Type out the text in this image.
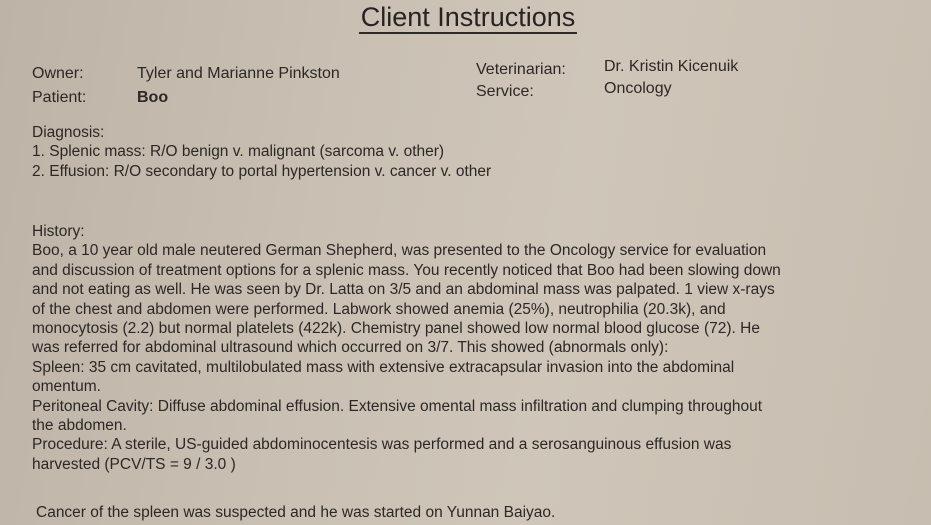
Client Instructions
Owner:	Tyler and Marianne Pinkston
Patient:	Boo
Veterinarian: Dr. Kristin Kicenuik
Service:	Oncology

Diagnosis:

1. Splenic mass: R/O benign v. malignant (sarcoma v. other)

2. Effusion: R/O secondary to portal hypertension v. cancer v. other

History:

Boo, a 10 year old male neutered German Shepherd, was presented to the Oncology service for evaluation

and discussion of treatment options for a splenic mass. You recently noticed that Boo had been slowing down

and not eating as well. He was seen by Dr. Latta on 3/5 and an abdominal mass was palpated. 1 view x-rays

of the chest and abdomen were performed. Labwork showed anemia (25%), neutrophilia (20.3k), and

monocytosis (2.2) but normal platelets (422k). Chemistry panel showed low normal blood glucose (72). He

was referred for abdominal ultrasound which occurred on 3/7. This showed (abnormals only):

Spleen: 35 cm cavitated, multilobulated mass with extensive extracapsular invasion into the abdominal

omentum.

Peritoneal Cavity: Diffuse abdominal effusion. Extensive omental mass infiltration and clumping throughout

the abdomen.

Procedure: A sterile, US-guided abdominocentesis was performed and a serosanguinous effusion was

harvested (PCV/TS = 9 / 3.0 )

Cancer of the spleen was suspected and he was started on Yunnan Baiyao.
